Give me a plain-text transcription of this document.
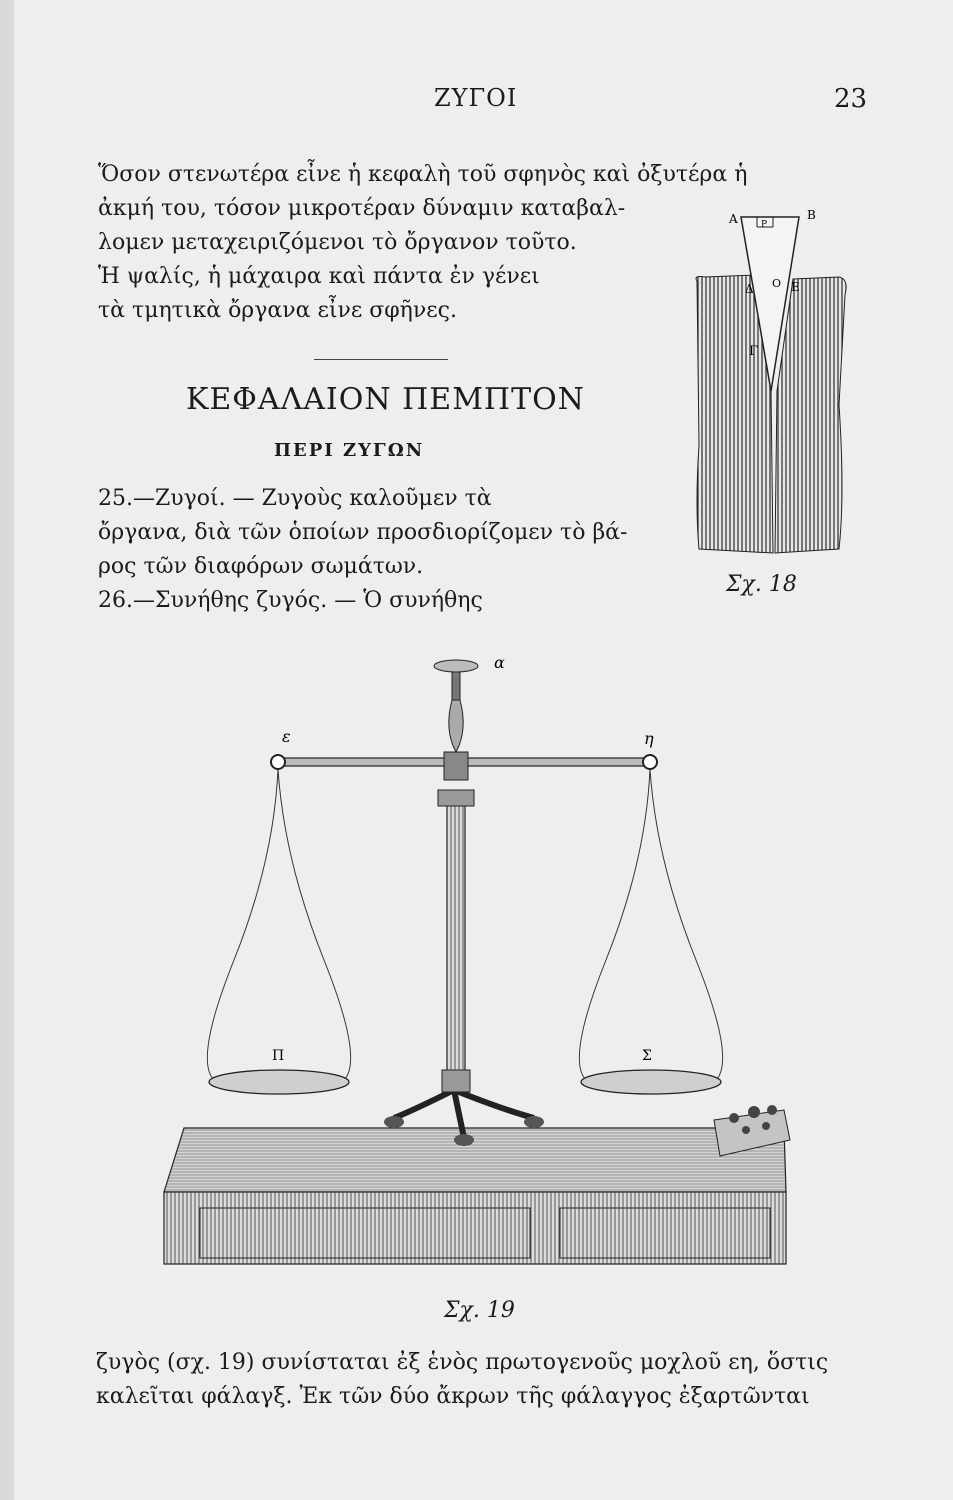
ΖΥΓΟΙ	23
Ὅσον στενωτέρα εἶνε ἡ κεφαλὴ τοῦ σφηνὸς καὶ ὀξυτέρα ἡ
ἀκμή του, τόσον μικροτέραν δύναμιν καταβαλ-
λομεν μεταχειριζόμενοι τὸ ὄργανον τοῦτο.
Ἡ ψαλίς, ἡ μάχαιρα καὶ πάντα ἐν γένει
τὰ τμητικὰ ὄργανα εἶνε σφῆνες.
ΚΕΦΑΛΑΙΟΝ ΠΕΜΠΤΟΝ
ΠΕΡΙ ΖΥΓΩΝ
25.—Ζυγοί. — Ζυγοὺς καλοῦμεν τὰ
ὄργανα, διὰ τῶν ὁποίων προσδιορίζομεν τὸ βά-
ρος τῶν διαφόρων σωμάτων.
26.—Συνήθης ζυγός. — Ὁ συνήθης
A	B
Δ	E
Γ
Ο
Ρ
Σχ. 18
α
ε	η
Π	Σ
Σχ. 19
ζυγὸς (σχ. 19) συνίσταται ἐξ ἑνὸς πρωτογενοῦς μοχλοῦ εη, ὅστις
καλεῖται φάλαγξ. Ἐκ τῶν δύο ἄκρων τῆς φάλαγγος ἐξαρτῶνται
